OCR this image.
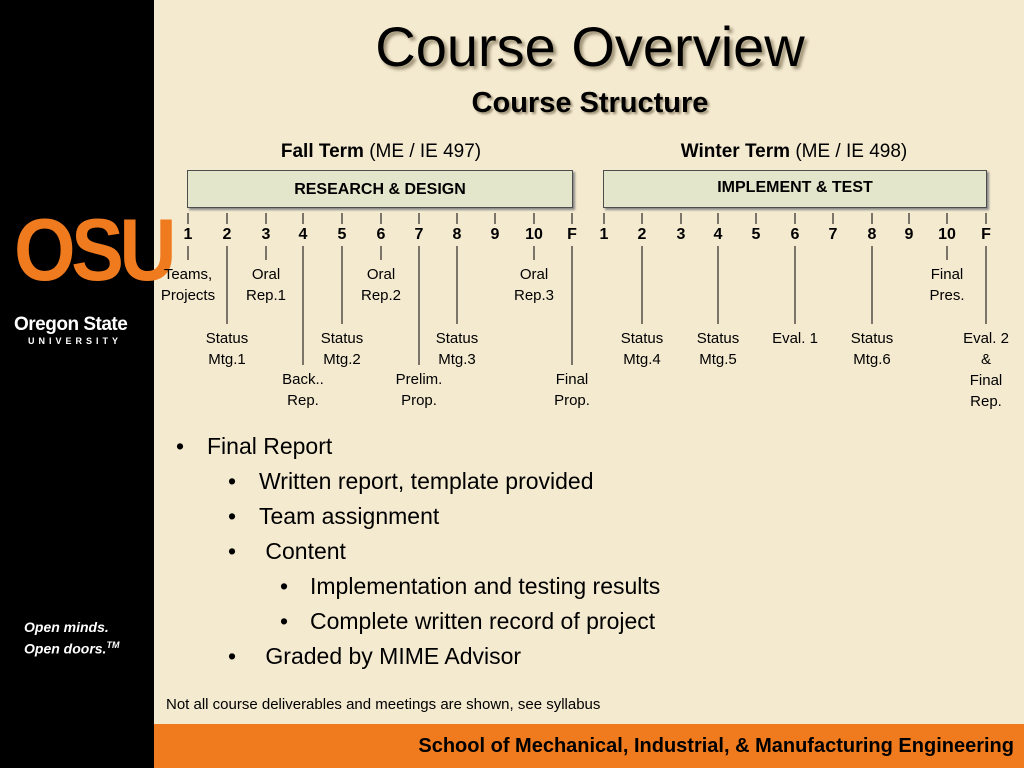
OSU
Oregon State
UNIVERSITY
Open minds.
Open doors.™
Course Overview
Course Structure
Fall Term (ME / IE 497)	Winter Term (ME / IE 498)
RESEARCH & DESIGN	IMPLEMENT & TEST
1 2 3 4 5 6 7 8 9 10 F 1 2 3 4 5 6 7 8 9 10 F
Teams,
Projects
Oral
Rep.1
Oral
Rep.2
Oral
Rep.3
Final
Pres.
Status
Mtg.1
Status
Mtg.2
Status
Mtg.3
Status
Mtg.4
Status
Mtg.5
Eval. 1 Status
Mtg.6
Eval. 2
&
Final
Rep.
Back..
Rep.
Prelim.
Prop.
Final
Prop.
• Final Report
• Written report, template provided
• Team assignment
• Content
• Implementation and testing results
• Complete written record of project
• Graded by MIME Advisor
Not all course deliverables and meetings are shown, see syllabus
School of Mechanical, Industrial, & Manufacturing Engineering
